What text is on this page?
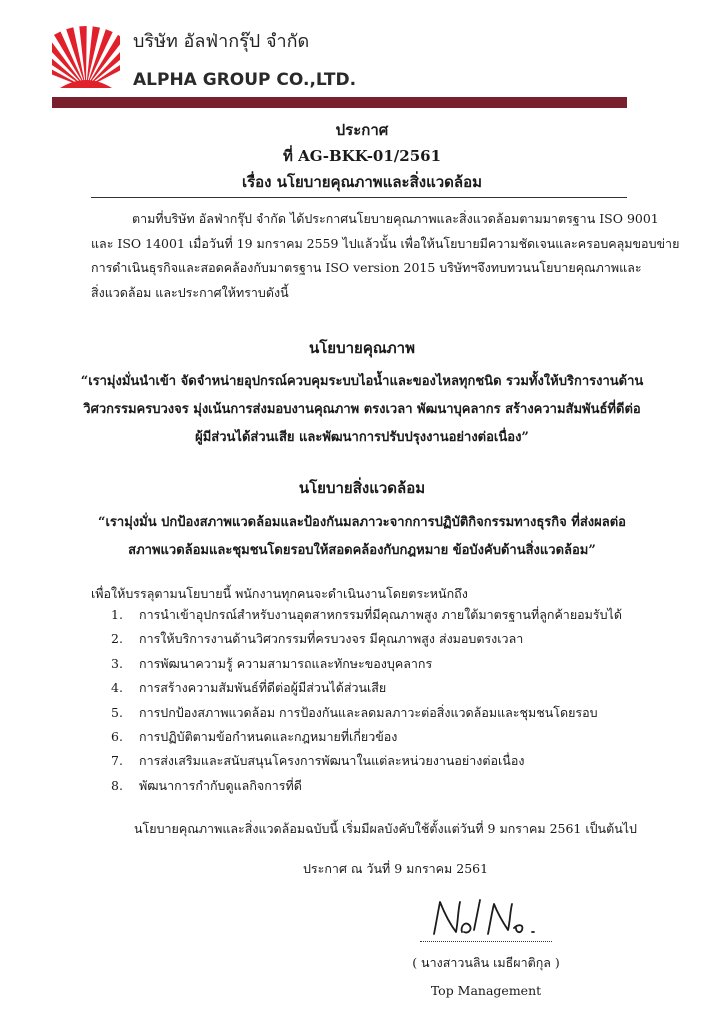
บริษัท อัลฟ่ากรุ๊ป จำกัด
ALPHA GROUP CO.,LTD.
ประกาศ
ที่ AG-BKK-01/2561
เรื่อง นโยบายคุณภาพและสิ่งแวดล้อม
ตามที่บริษัท อัลฟ่ากรุ๊ป จำกัด ได้ประกาศนโยบายคุณภาพและสิ่งแวดล้อมตามมาตรฐาน ISO 9001
และ ISO 14001 เมื่อวันที่ 19 มกราคม 2559 ไปแล้วนั้น เพื่อให้นโยบายมีความชัดเจนและครอบคลุมขอบข่าย
การดำเนินธุรกิจและสอดคล้องกับมาตรฐาน ISO version 2015 บริษัทฯจึงทบทวนนโยบายคุณภาพและ
สิ่งแวดล้อม และประกาศให้ทราบดังนี้
นโยบายคุณภาพ
“เรามุ่งมั่นนำเข้า จัดจำหน่ายอุปกรณ์ควบคุมระบบไอน้ำและของไหลทุกชนิด รวมทั้งให้บริการงานด้าน
วิศวกรรมครบวงจร มุ่งเน้นการส่งมอบงานคุณภาพ ตรงเวลา พัฒนาบุคลากร สร้างความสัมพันธ์ที่ดีต่อ
ผู้มีส่วนได้ส่วนเสีย และพัฒนาการปรับปรุงงานอย่างต่อเนื่อง”
นโยบายสิ่งแวดล้อม
“เรามุ่งมั่น ปกป้องสภาพแวดล้อมและป้องกันมลภาวะจากการปฏิบัติกิจกรรมทางธุรกิจ ที่ส่งผลต่อ
สภาพแวดล้อมและชุมชนโดยรอบให้สอดคล้องกับกฎหมาย ข้อบังคับด้านสิ่งแวดล้อม”
เพื่อให้บรรลุตามนโยบายนี้ พนักงานทุกคนจะดำเนินงานโดยตระหนักถึง
1. การนำเข้าอุปกรณ์สำหรับงานอุตสาหกรรมที่มีคุณภาพสูง ภายใต้มาตรฐานที่ลูกค้ายอมรับได้
2. การให้บริการงานด้านวิศวกรรมที่ครบวงจร มีคุณภาพสูง ส่งมอบตรงเวลา
3. การพัฒนาความรู้ ความสามารถและทักษะของบุคลากร
4. การสร้างความสัมพันธ์ที่ดีต่อผู้มีส่วนได้ส่วนเสีย
5. การปกป้องสภาพแวดล้อม การป้องกันและลดมลภาวะต่อสิ่งแวดล้อมและชุมชนโดยรอบ
6. การปฏิบัติตามข้อกำหนดและกฎหมายที่เกี่ยวข้อง
7. การส่งเสริมและสนับสนุนโครงการพัฒนาในแต่ละหน่วยงานอย่างต่อเนื่อง
8. พัฒนาการกำกับดูแลกิจการที่ดี
นโยบายคุณภาพและสิ่งแวดล้อมฉบับนี้ เริ่มมีผลบังคับใช้ตั้งแต่วันที่ 9 มกราคม 2561 เป็นต้นไป
ประกาศ ณ วันที่ 9 มกราคม 2561
( นางสาวนลิน เมธีผาติกุล )
Top Management
